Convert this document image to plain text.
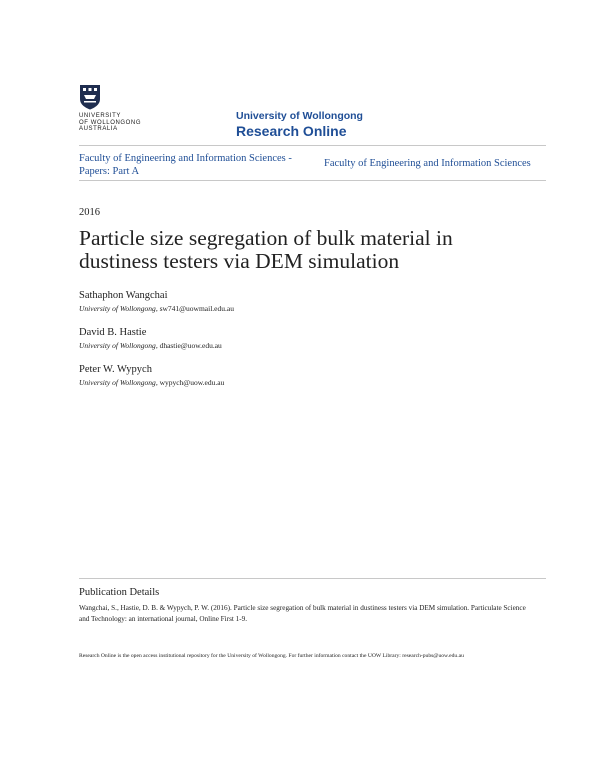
UNIVERSITY
OF WOLLONGONG
AUSTRALIA
University of Wollongong
Research Online
Faculty of Engineering and Information Sciences - Papers: Part A
Faculty of Engineering and Information Sciences
2016
Particle size segregation of bulk material in dustiness testers via DEM simulation
Sathaphon Wangchai
University of Wollongong, sw741@uowmail.edu.au
David B. Hastie
University of Wollongong, dhastie@uow.edu.au
Peter W. Wypych
University of Wollongong, wypych@uow.edu.au
Publication Details
Wangchai, S., Hastie, D. B. & Wypych, P. W. (2016). Particle size segregation of bulk material in dustiness testers via DEM simulation. Particulate Science and Technology: an international journal, Online First 1-9.
Research Online is the open access institutional repository for the University of Wollongong. For further information contact the UOW Library: research-pubs@uow.edu.au
